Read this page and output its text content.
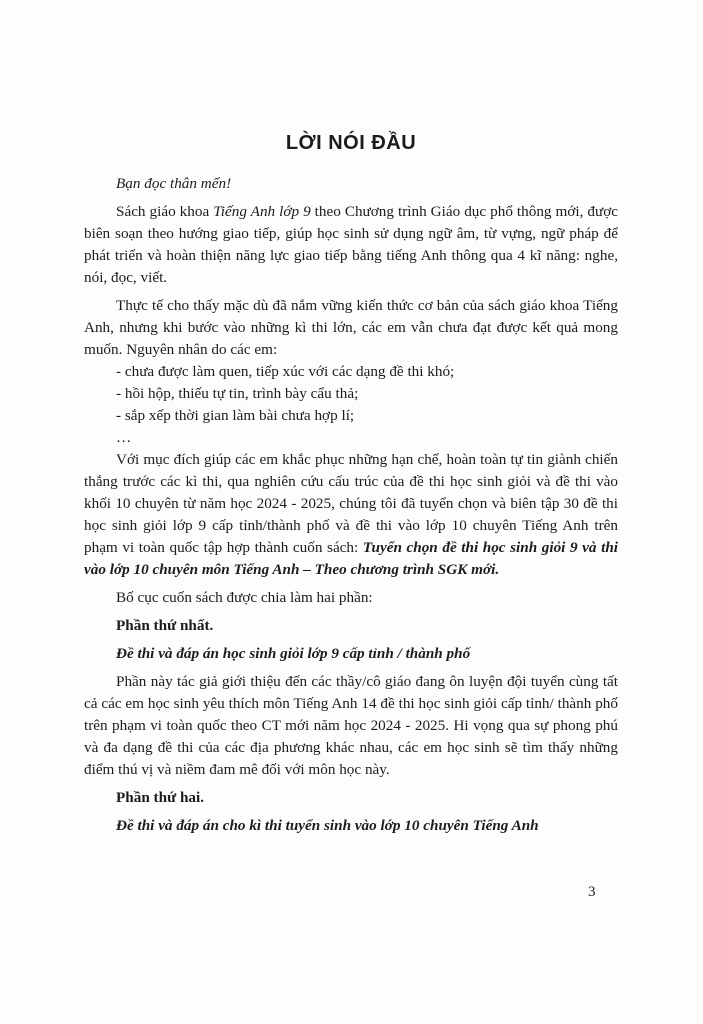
LỜI NÓI ĐẦU

Bạn đọc thân mến!

Sách giáo khoa Tiếng Anh lớp 9 theo Chương trình Giáo dục phổ thông mới, được biên soạn theo hướng giao tiếp, giúp học sinh sử dụng ngữ âm, từ vựng, ngữ pháp để phát triển và hoàn thiện năng lực giao tiếp bằng tiếng Anh thông qua 4 kĩ năng: nghe, nói, đọc, viết.

Thực tế cho thấy mặc dù đã nắm vững kiến thức cơ bản của sách giáo khoa Tiếng Anh, nhưng khi bước vào những kì thi lớn, các em vẫn chưa đạt được kết quả mong muốn. Nguyên nhân do các em:

- chưa được làm quen, tiếp xúc với các dạng đề thi khó;

- hồi hộp, thiếu tự tin, trình bày cẩu thả;

- sắp xếp thời gian làm bài chưa hợp lí;

…

Với mục đích giúp các em khắc phục những hạn chế, hoàn toàn tự tin giành chiến thắng trước các kì thi, qua nghiên cứu cấu trúc của đề thi học sinh giỏi và đề thi vào khối 10 chuyên từ năm học 2024 - 2025, chúng tôi đã tuyển chọn và biên tập 30 đề thi học sinh giỏi lớp 9 cấp tỉnh/thành phố và đề thi vào lớp 10 chuyên Tiếng Anh trên phạm vi toàn quốc tập hợp thành cuốn sách: Tuyển chọn đề thi học sinh giỏi 9 và thi vào lớp 10 chuyên môn Tiếng Anh – Theo chương trình SGK mới.

Bố cục cuốn sách được chia làm hai phần:

Phần thứ nhất.

Đề thi và đáp án học sinh giỏi lớp 9 cấp tỉnh / thành phố

Phần này tác giả giới thiệu đến các thầy/cô giáo đang ôn luyện đội tuyển cùng tất cả các em học sinh yêu thích môn Tiếng Anh 14 đề thi học sinh giỏi cấp tỉnh/ thành phố trên phạm vi toàn quốc theo CT mới năm học 2024 - 2025. Hi vọng qua sự phong phú và đa dạng đề thi của các địa phương khác nhau, các em học sinh sẽ tìm thấy những điểm thú vị và niềm đam mê đối với môn học này.

Phần thứ hai.

Đề thi và đáp án cho kì thi tuyển sinh vào lớp 10 chuyên Tiếng Anh

3
